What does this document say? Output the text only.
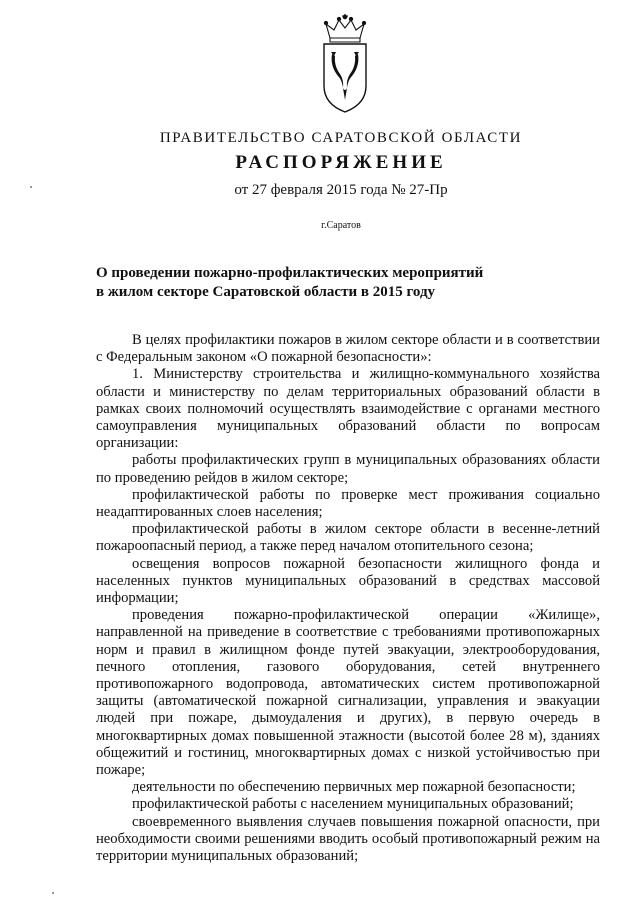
ПРАВИТЕЛЬСТВО САРАТОВСКОЙ ОБЛАСТИ
РАСПОРЯЖЕНИЕ
от 27 февраля 2015 года № 27-Пр
г.Саратов
О проведении пожарно-профилактических мероприятий
в жилом секторе Саратовской области в 2015 году

В целях профилактики пожаров в жилом секторе области и в соответствии с Федеральным законом «О пожарной безопасности»:

1. Министерству строительства и жилищно-коммунального хозяйства области и министерству по делам территориальных образований области в рамках своих полномочий осуществлять взаимодействие с органами местного самоуправления муниципальных образований области по вопросам организации:

работы профилактических групп в муниципальных образованиях области по проведению рейдов в жилом секторе;

профилактической работы по проверке мест проживания социально неадаптированных слоев населения;

профилактической работы в жилом секторе области в весенне-летний пожароопасный период, а также перед началом отопительного сезона;

освещения вопросов пожарной безопасности жилищного фонда и населенных пунктов муниципальных образований в средствах массовой информации;

проведения пожарно-профилактической операции «Жилище», направленной на приведение в соответствие с требованиями противопожарных норм и правил в жилищном фонде путей эвакуации, электрооборудования, печного отопления, газового оборудования, сетей внутреннего противопожарного водопровода, автоматических систем противопожарной защиты (автоматической пожарной сигнализации, управления и эвакуации людей при пожаре, дымоудаления и других), в первую очередь в многоквартирных домах повышенной этажности (высотой более 28 м), зданиях общежитий и гостиниц, многоквартирных домах с низкой устойчивостью при пожаре;

деятельности по обеспечению первичных мер пожарной безопасности;

профилактической работы с населением муниципальных образований;

своевременного выявления случаев повышения пожарной опасности, при необходимости своими решениями вводить особый противопожарный режим на территории муниципальных образований;
